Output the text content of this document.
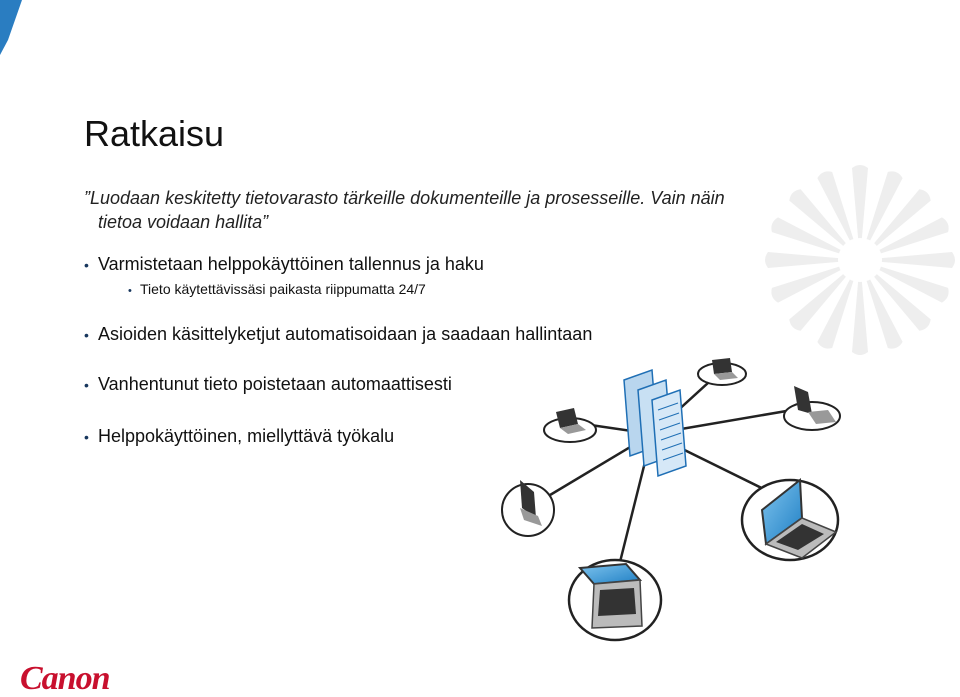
Ratkaisu
”Luodaan keskitetty tietovarasto tärkeille dokumenteille ja prosesseille. Vain näin
tietoa voidaan hallita”
• Varmistetaan helppokäyttöinen tallennus ja haku
• Tieto käytettävissäsi paikasta riippumatta 24/7
• Asioiden käsittelyketjut automatisoidaan ja saadaan hallintaan
• Vanhentunut tieto poistetaan automaattisesti
• Helppokäyttöinen, miellyttävä työkalu
Canon
